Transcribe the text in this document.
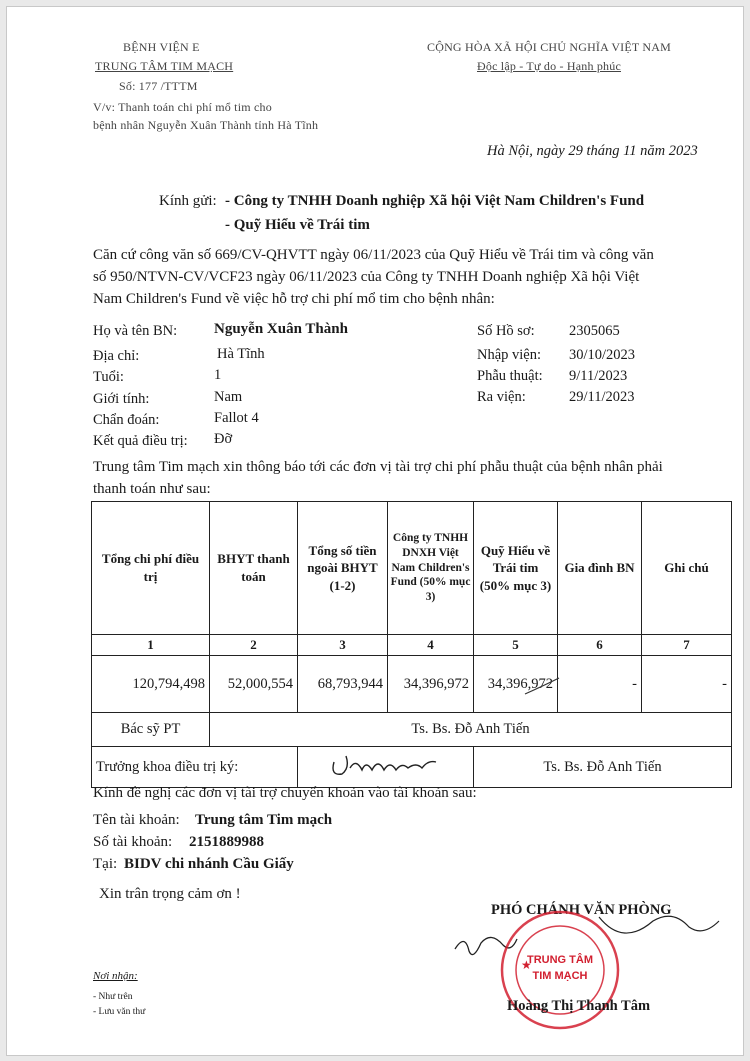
BỆNH VIỆN E
TRUNG TÂM TIM MẠCH
Số: 177 /TTTM
V/v: Thanh toán chi phí mổ tim cho
bệnh nhân Nguyễn Xuân Thành tỉnh Hà Tĩnh
CỘNG HÒA XÃ HỘI CHỦ NGHĨA VIỆT NAM
Độc lập - Tự do - Hạnh phúc
Hà Nội, ngày 29 tháng 11 năm 2023
Kính gửi: - Công ty TNHH Doanh nghiệp Xã hội Việt Nam Children's Fund
- Quỹ Hiểu về Trái tim
Căn cứ công văn số 669/CV-QHVTT ngày 06/11/2023 của Quỹ Hiểu về Trái tim và công văn
số 950/NTVN-CV/VCF23 ngày 06/11/2023 của Công ty TNHH Doanh nghiệp Xã hội Việt
Nam Children's Fund về việc hỗ trợ chi phí mổ tim cho bệnh nhân:
Họ và tên BN: Nguyễn Xuân Thành
Địa chỉ:	Hà Tĩnh
Tuổi:	1
Giới tính:	Nam
Chẩn đoán:	Fallot 4
Kết quả điều trị: Đỡ
Số Hồ sơ: 2305065
Nhập viện: 30/10/2023
Phẫu thuật: 9/11/2023
Ra viện:	29/11/2023
Trung tâm Tim mạch xin thông báo tới các đơn vị tài trợ chi phí phẫu thuật của bệnh nhân phải
thanh toán như sau:
Tổng chi phí điều trị	BHYT thanh toán	Tổng số tiền ngoài BHYT (1-2)	Công ty TNHH DNXH Việt Nam Children's Fund (50% mục 3)	Quỹ Hiểu về Trái tim (50% mục 3)	Gia đình BN	Ghi chú
1	2	3	4	5	6	7
120,794,498	52,000,554	68,793,944	34,396,972	34,396,972	-	-
Bác sỹ PT	Ts. Bs. Đỗ Anh Tiến					
Trưởng khoa điều trị ký:				Ts. Bs. Đỗ Anh Tiến		
Kính đề nghị các đơn vị tài trợ chuyển khoản vào tài khoản sau:
Tên tài khoản: Trung tâm Tim mạch
Số tài khoản: 2151889988
Tại: BIDV chi nhánh Cầu Giấy
Xin trân trọng cảm ơn !
Nơi nhận:
- Như trên
- Lưu văn thư
PHÓ CHÁNH VĂN PHÒNG
TRUNG TÂM
TIM MẠCH
★
Hoàng Thị Thanh Tâm
